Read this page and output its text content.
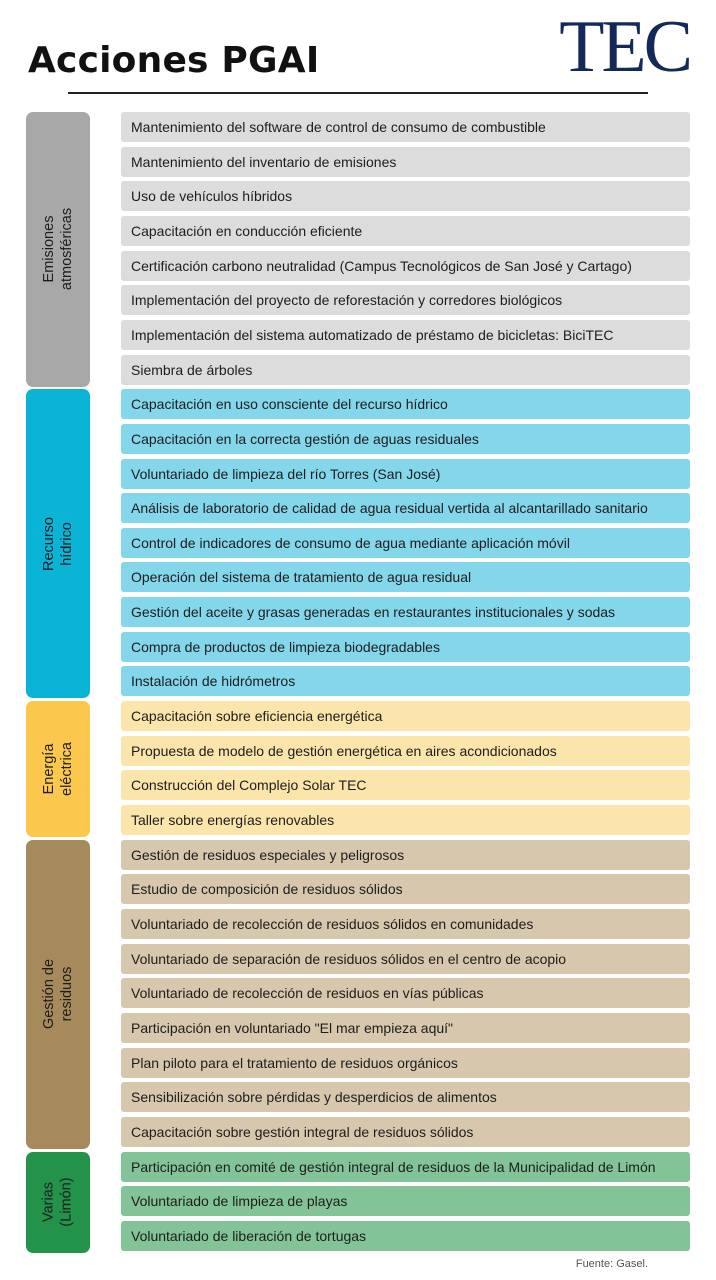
Acciones PGAI	TEC
Emisiones
atmosféricas
Mantenimiento del software de control de consumo de combustible
Mantenimiento del inventario de emisiones
Uso de vehículos híbridos
Capacitación en conducción eficiente
Certificación carbono neutralidad (Campus Tecnológicos de San José y Cartago)
Implementación del proyecto de reforestación y corredores biológicos
Implementación del sistema automatizado de préstamo de bicicletas: BiciTEC
Siembra de árboles
Recurso
hídrico
Capacitación en uso consciente del recurso hídrico
Capacitación en la correcta gestión de aguas residuales
Voluntariado de limpieza del río Torres (San José)
Análisis de laboratorio de calidad de agua residual vertida al alcantarillado sanitario
Control de indicadores de consumo de agua mediante aplicación móvil
Operación del sistema de tratamiento de agua residual
Gestión del aceite y grasas generadas en restaurantes institucionales y sodas
Compra de productos de limpieza biodegradables
Instalación de hidrómetros
Energía
eléctrica
Capacitación sobre eficiencia energética
Propuesta de modelo de gestión energética en aires acondicionados
Construcción del Complejo Solar TEC
Taller sobre energías renovables
Gestión de
residuos
Gestión de residuos especiales y peligrosos
Estudio de composición de residuos sólidos
Voluntariado de recolección de residuos sólidos en comunidades
Voluntariado de separación de residuos sólidos en el centro de acopio
Voluntariado de recolección de residuos en vías públicas
Participación en voluntariado "El mar empieza aquí"
Plan piloto para el tratamiento de residuos orgánicos
Sensibilización sobre pérdidas y desperdicios de alimentos
Capacitación sobre gestión integral de residuos sólidos
Varias
(Limón)
Participación en comité de gestión integral de residuos de la Municipalidad de Limón
Voluntariado de limpieza de playas
Voluntariado de liberación de tortugas
Fuente: Gasel.
